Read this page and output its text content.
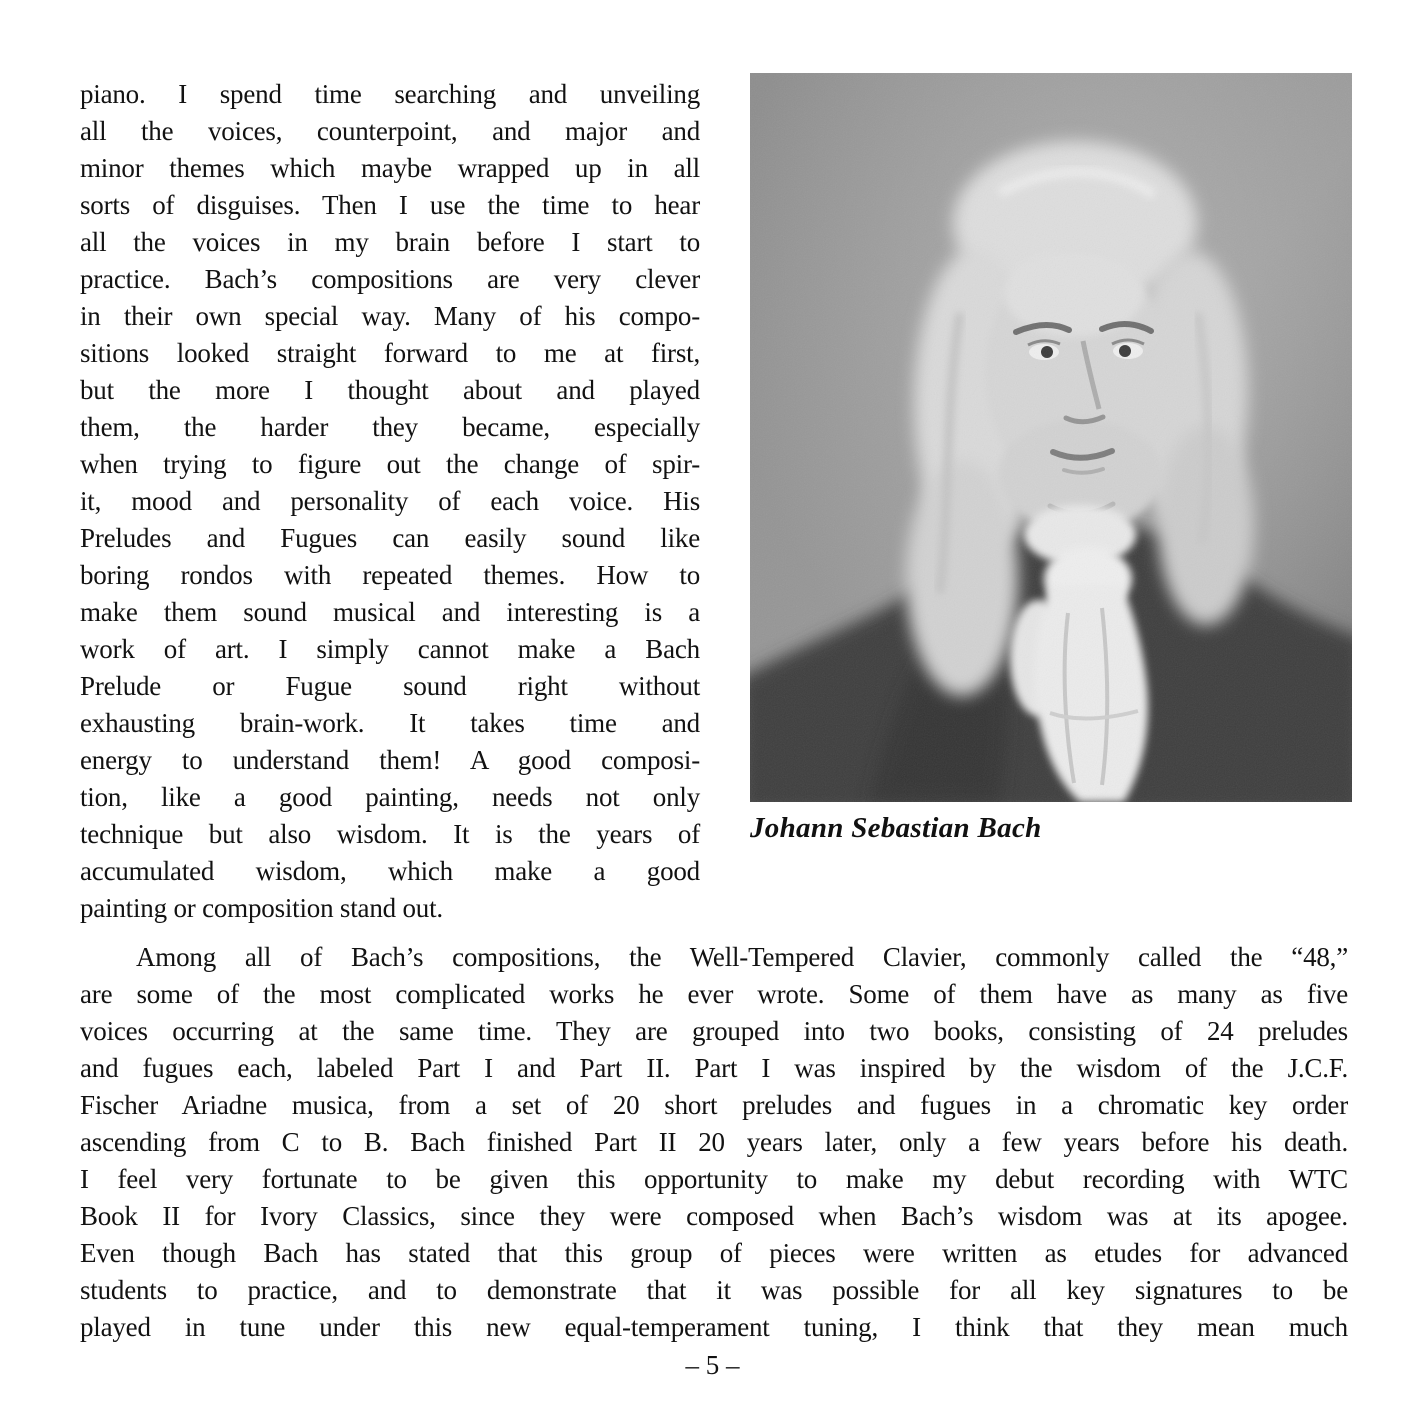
piano. I spend time searching and unveiling
all the voices, counterpoint, and major and
minor themes which maybe wrapped up in all
sorts of disguises. Then I use the time to hear
all the voices in my brain before I start to
practice. Bach’s compositions are very clever
in their own special way. Many of his compo-
sitions looked straight forward to me at first,
but the more I thought about and played
them, the harder they became, especially
when trying to figure out the change of spir-
it, mood and personality of each voice. His
Preludes and Fugues can easily sound like
boring rondos with repeated themes. How to
make them sound musical and interesting is a
work of art. I simply cannot make a Bach
Prelude or Fugue sound right without
exhausting brain-work. It takes time and
energy to understand them! A good composi-
tion, like a good painting, needs not only
technique but also wisdom. It is the years of
accumulated wisdom, which make a good
painting or composition stand out.
Johann Sebastian Bach
Among all of Bach’s compositions, the Well-Tempered Clavier, commonly called the “48,”
are some of the most complicated works he ever wrote. Some of them have as many as five
voices occurring at the same time. They are grouped into two books, consisting of 24 preludes
and fugues each, labeled Part I and Part II. Part I was inspired by the wisdom of the J.C.F.
Fischer Ariadne musica, from a set of 20 short preludes and fugues in a chromatic key order
ascending from C to B. Bach finished Part II 20 years later, only a few years before his death.
I feel very fortunate to be given this opportunity to make my debut recording with WTC
Book II for Ivory Classics, since they were composed when Bach’s wisdom was at its apogee.
Even though Bach has stated that this group of pieces were written as etudes for advanced
students to practice, and to demonstrate that it was possible for all key signatures to be
played in tune under this new equal-temperament tuning, I think that they mean much
– 5 –
